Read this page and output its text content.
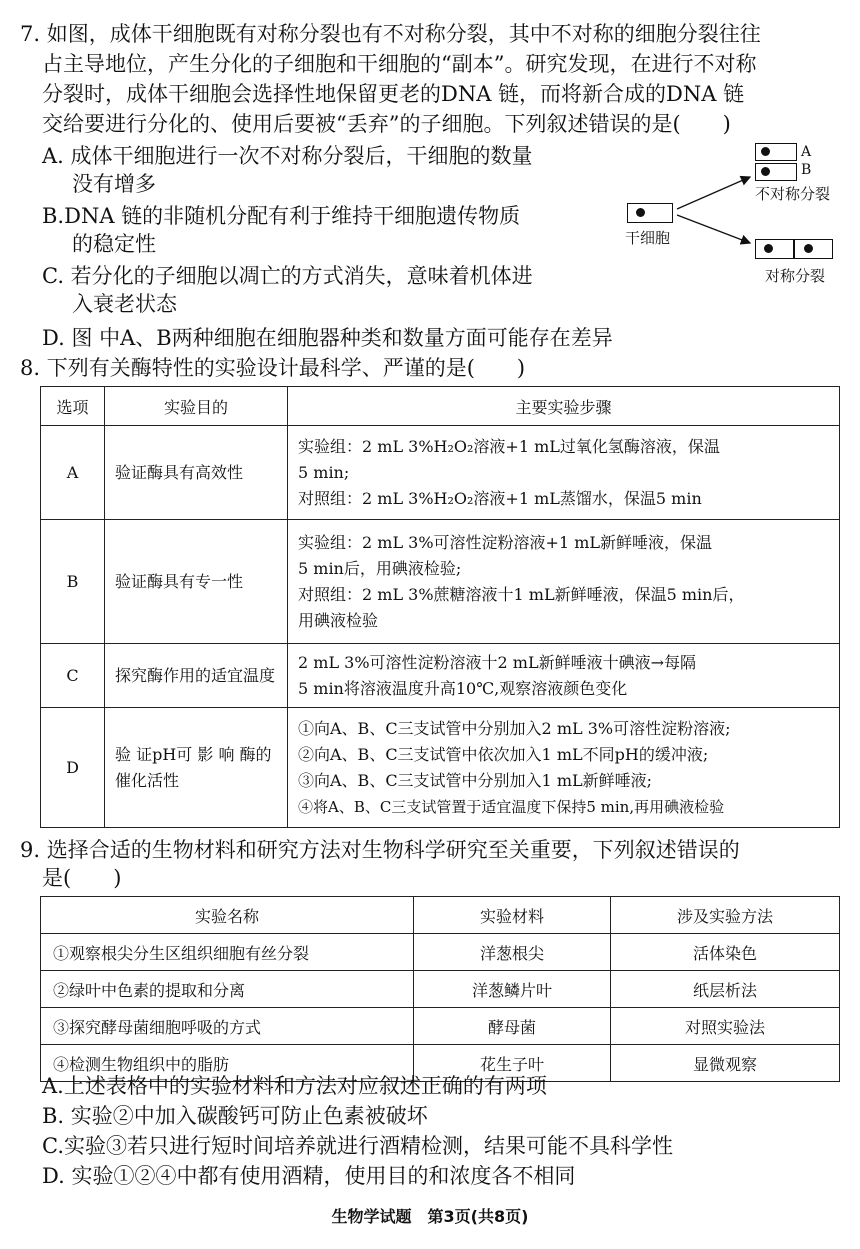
7. 如图，成体干细胞既有对称分裂也有不对称分裂，其中不对称的细胞分裂往往
占主导地位，产生分化的子细胞和干细胞的“副本”。研究发现，在进行不对称
分裂时，成体干细胞会选择性地保留更老的DNA 链，而将新合成的DNA 链
交给要进行分化的、使用后要被“丢弃”的子细胞。下列叙述错误的是(　　)
A. 成体干细胞进行一次不对称分裂后，干细胞的数量
没有增多
B.DNA 链的非随机分配有利于维持干细胞遗传物质
的稳定性
C. 若分化的子细胞以凋亡的方式消失，意味着机体进
入衰老状态
D. 图 中A、B两种细胞在细胞器种类和数量方面可能存在差异
A
B
不对称分裂
干细胞
对称分裂
8. 下列有关酶特性的实验设计最科学、严谨的是(　　)
选项	实验目的	主要实验步骤
A	验证酶具有高效性	实验组：2 mL 3%H₂O₂溶液+1 mL过氧化氢酶溶液，保温
5 min;
对照组：2 mL 3%H₂O₂溶液+1 mL蒸馏水，保温5 min

B	验证酶具有专一性	实验组：2 mL 3%可溶性淀粉溶液+1 mL新鲜唾液，保温
5 min后，用碘液检验;
对照组：2 mL 3%蔗糖溶液十1 mL新鲜唾液，保温5 min后，
用碘液检验

C	探究酶作用的适宜温度	2 mL 3%可溶性淀粉溶液十2 mL新鲜唾液十碘液→每隔
5 min将溶液温度升高10℃,观察溶液颜色变化

D	验 证pH可 影 响 酶的催化活性	①向A、B、C三支试管中分别加入2 mL 3%可溶性淀粉溶液;
②向A、B、C三支试管中依次加入1 mL不同pH的缓冲液;
③向A、B、C三支试管中分别加入1 mL新鲜唾液;
④将A、B、C三支试管置于适宜温度下保持5 min,再用碘液检验
9. 选择合适的生物材料和研究方法对生物科学研究至关重要，下列叙述错误的
是(　　)
实验名称	实验材料	涉及实验方法
①观察根尖分生区组织细胞有丝分裂	洋葱根尖	活体染色
②绿叶中色素的提取和分离	洋葱鳞片叶	纸层析法
③探究酵母菌细胞呼吸的方式	酵母菌	对照实验法
④检测生物组织中的脂肪	花生子叶	显微观察
A.上述表格中的实验材料和方法对应叙述正确的有两项
B. 实验②中加入碳酸钙可防止色素被破坏
C.实验③若只进行短时间培养就进行酒精检测，结果可能不具科学性
D. 实验①②④中都有使用酒精，使用目的和浓度各不相同
生物学试题　第3页(共8页)
